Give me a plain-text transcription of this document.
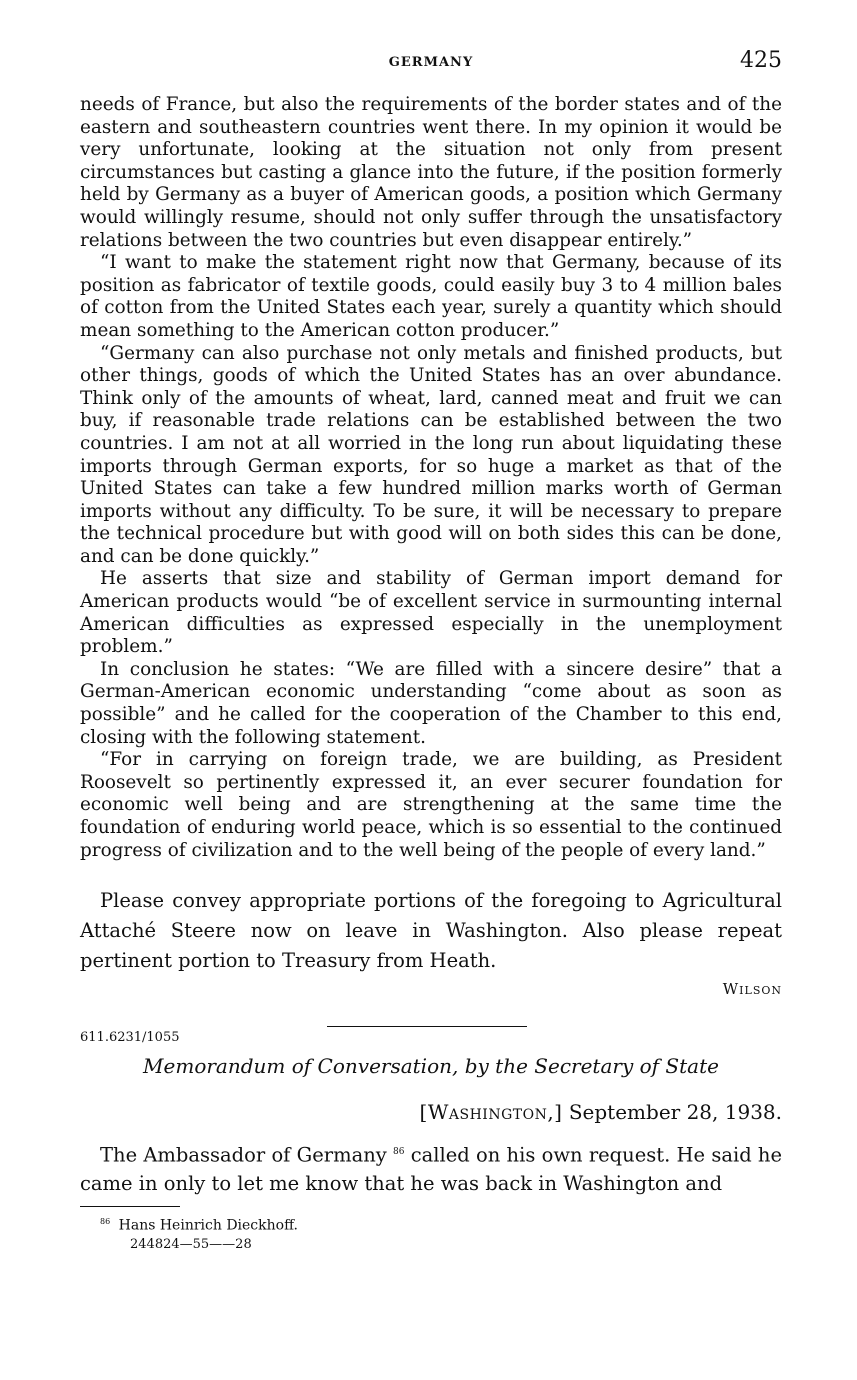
GERMANY	425

needs of France, but also the requirements of the border states and of the eastern and southeastern countries went there. In my opinion it would be very unfortunate, looking at the situation not only from present circumstances but casting a glance into the future, if the position formerly held by Germany as a buyer of American goods, a position which Germany would willingly resume, should not only suffer through the unsatisfactory relations between the two countries but even disappear entirely.”

“I want to make the statement right now that Germany, because of its position as fabricator of textile goods, could easily buy 3 to 4 million bales of cotton from the United States each year, surely a quantity which should mean something to the American cotton producer.”

“Germany can also purchase not only metals and finished products, but other things, goods of which the United States has an over abundance. Think only of the amounts of wheat, lard, canned meat and fruit we can buy, if reasonable trade relations can be established between the two countries. I am not at all worried in the long run about liquidating these imports through German exports, for so huge a market as that of the United States can take a few hundred million marks worth of German imports without any difficulty. To be sure, it will be necessary to prepare the technical procedure but with good will on both sides this can be done, and can be done quickly.”

He asserts that size and stability of German import demand for American products would “be of excellent service in surmounting internal American difficulties as expressed especially in the unemployment problem.”

In conclusion he states: “We are filled with a sincere desire” that a German-American economic understanding “come about as soon as possible” and he called for the cooperation of the Chamber to this end, closing with the following statement.

“For in carrying on foreign trade, we are building, as President Roosevelt so pertinently expressed it, an ever securer foundation for economic well being and are strengthening at the same time the foundation of enduring world peace, which is so essential to the continued progress of civilization and to the well being of the people of every land.”

Please convey appropriate portions of the foregoing to Agricultural Attaché Steere now on leave in Washington. Also please repeat pertinent portion to Treasury from Heath.
Wilson
611.6231/1055
Memorandum of Conversation, by the Secretary of State
[Washington,] September 28, 1938.
The Ambassador of Germany $^{86}$ called on his own request. He said he came in only to let me know that he was back in Washington and
$^{86}$ Hans Heinrich Dieckhoff.
244824—55——28
